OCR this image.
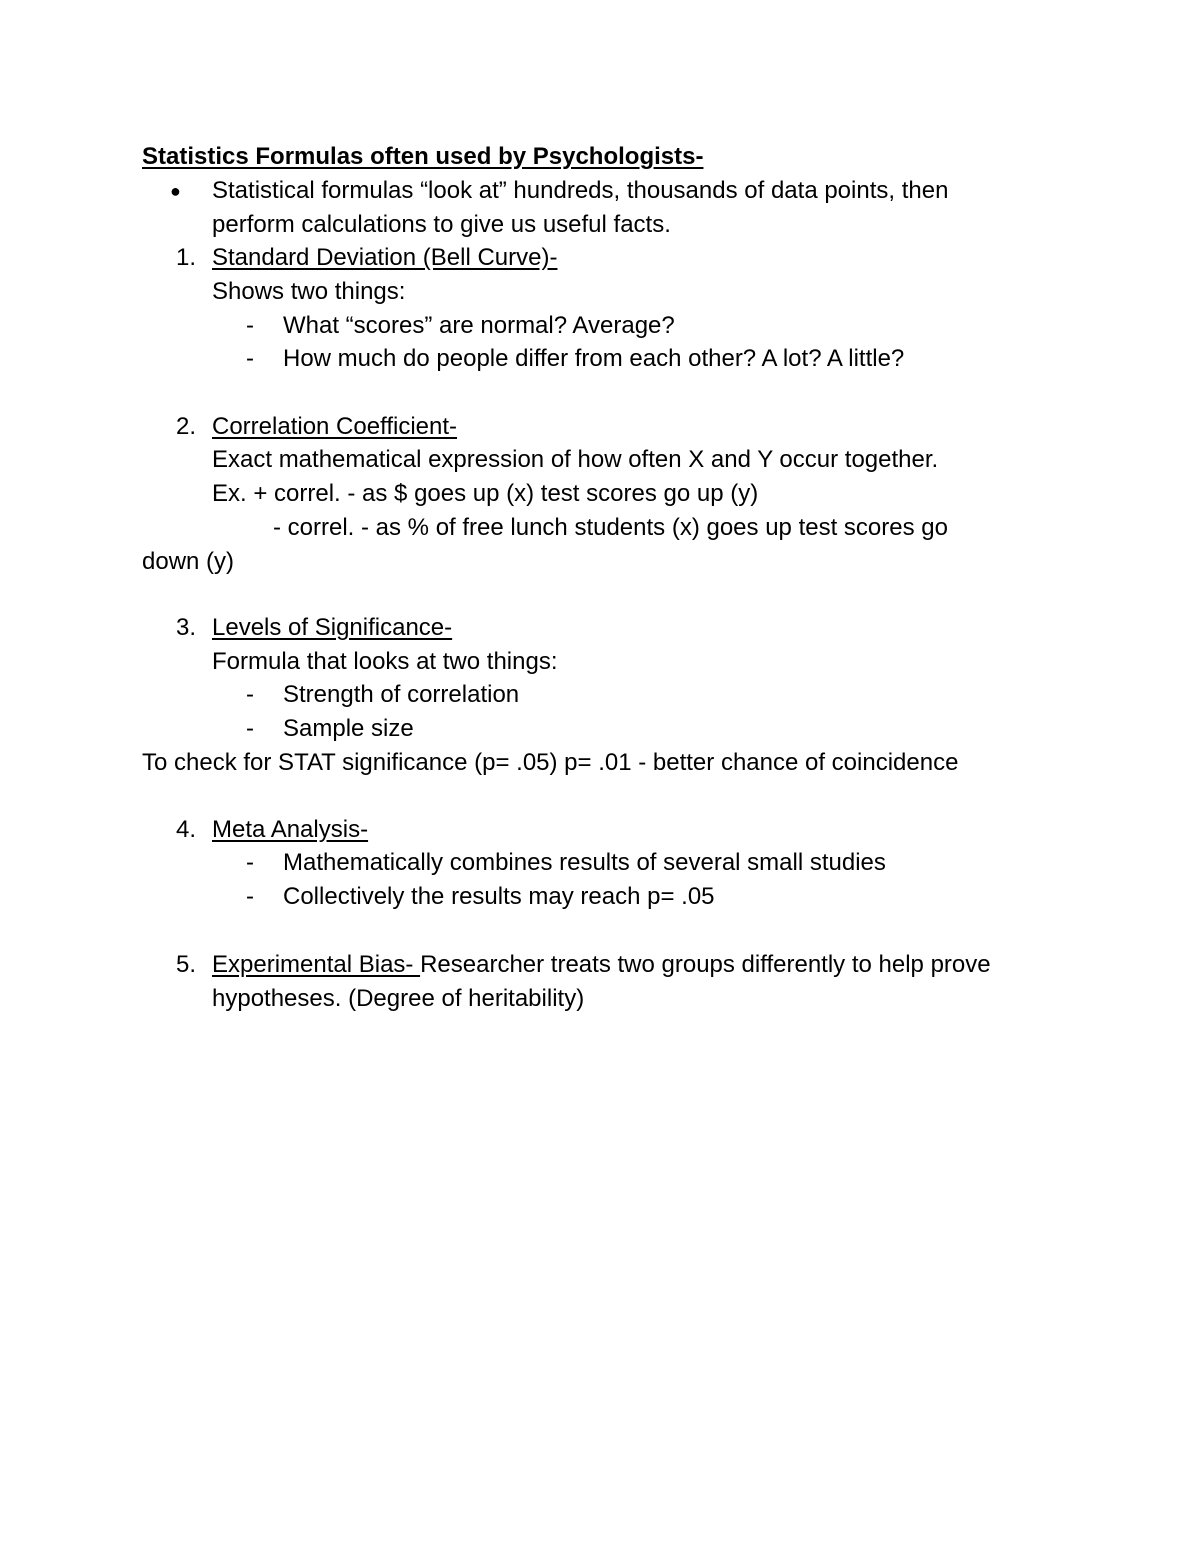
Statistics Formulas often used by Psychologists-
● Statistical formulas “look at” hundreds, thousands of data points, then
perform calculations to give us useful facts.
1. Standard Deviation (Bell Curve)-
Shows two things:
- What “scores” are normal? Average?
- How much do people differ from each other? A lot? A little?
2. Correlation Coefficient-
Exact mathematical expression of how often X and Y occur together.
Ex. + correl. - as $ goes up (x) test scores go up (y)
- correl. - as % of free lunch students (x) goes up test scores go
down (y)
3. Levels of Significance-
Formula that looks at two things:
- Strength of correlation
- Sample size
To check for STAT significance (p= .05) p= .01 - better chance of coincidence
4. Meta Analysis-
- Mathematically combines results of several small studies
- Collectively the results may reach p= .05
5. Experimental Bias- Researcher treats two groups differently to help prove
hypotheses. (Degree of heritability)
